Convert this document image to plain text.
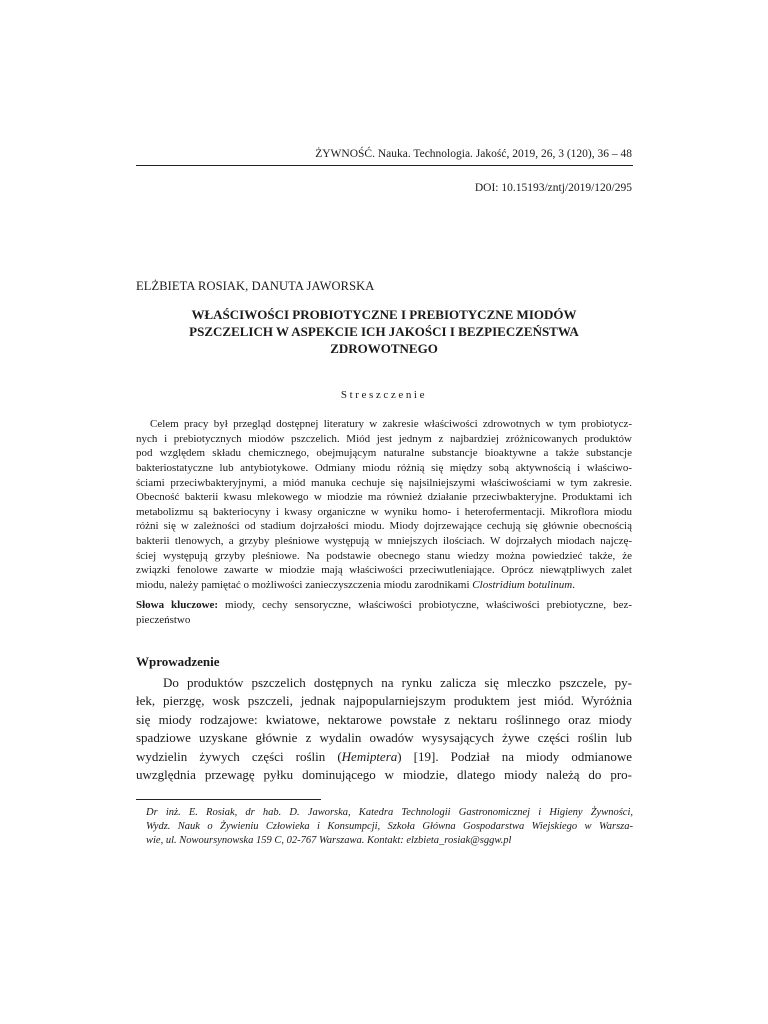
ŻYWNOŚĆ. Nauka. Technologia. Jakość, 2019, 26, 3 (120), 36 – 48
DOI: 10.15193/zntj/2019/120/295
ELŻBIETA ROSIAK, DANUTA JAWORSKA
WŁAŚCIWOŚCI PROBIOTYCZNE I PREBIOTYCZNE MIODÓW
PSZCZELICH W ASPEKCIE ICH JAKOŚCI I BEZPIECZEŃSTWA
ZDROWOTNEGO
Streszczenie
Celem pracy był przegląd dostępnej literatury w zakresie właściwości zdrowotnych w tym probiotycz-
nych i prebiotycznych miodów pszczelich. Miód jest jednym z najbardziej zróżnicowanych produktów
pod względem składu chemicznego, obejmującym naturalne substancje bioaktywne a także substancje
bakteriostatyczne lub antybiotykowe. Odmiany miodu różnią się między sobą aktywnością i właściwo-
ściami przeciwbakteryjnymi, a miód manuka cechuje się najsilniejszymi właściwościami w tym zakresie.
Obecność bakterii kwasu mlekowego w miodzie ma również działanie przeciwbakteryjne. Produktami ich
metabolizmu są bakteriocyny i kwasy organiczne w wyniku homo- i heterofermentacji. Mikroflora miodu
różni się w zależności od stadium dojrzałości miodu. Miody dojrzewające cechują się głównie obecnością
bakterii tlenowych, a grzyby pleśniowe występują w mniejszych ilościach. W dojrzałych miodach najczę-
ściej występują grzyby pleśniowe. Na podstawie obecnego stanu wiedzy można powiedzieć także, że
związki fenolowe zawarte w miodzie mają właściwości przeciwutleniające. Oprócz niewątpliwych zalet
miodu, należy pamiętać o możliwości zanieczyszczenia miodu zarodnikami Clostridium botulinum.
Słowa kluczowe: miody, cechy sensoryczne, właściwości probiotyczne, właściwości prebiotyczne, bez-
pieczeństwo
Wprowadzenie
Do produktów pszczelich dostępnych na rynku zalicza się mleczko pszczele, py-
łek, pierzgę, wosk pszczeli, jednak najpopularniejszym produktem jest miód. Wyróżnia
się miody rodzajowe: kwiatowe, nektarowe powstałe z nektaru roślinnego oraz miody
spadziowe uzyskane głównie z wydalin owadów wysysających żywe części roślin lub
wydzielin żywych części roślin (Hemiptera) [19]. Podział na miody odmianowe
uwzględnia przewagę pyłku dominującego w miodzie, dlatego miody należą do pro-
Dr inż. E. Rosiak, dr hab. D. Jaworska, Katedra Technologii Gastronomicznej i Higieny Żywności,
Wydz. Nauk o Żywieniu Człowieka i Konsumpcji, Szkoła Główna Gospodarstwa Wiejskiego w Warsza-
wie, ul. Nowoursynowska 159 C, 02-767 Warszawa. Kontakt: elzbieta_rosiak@sggw.pl
